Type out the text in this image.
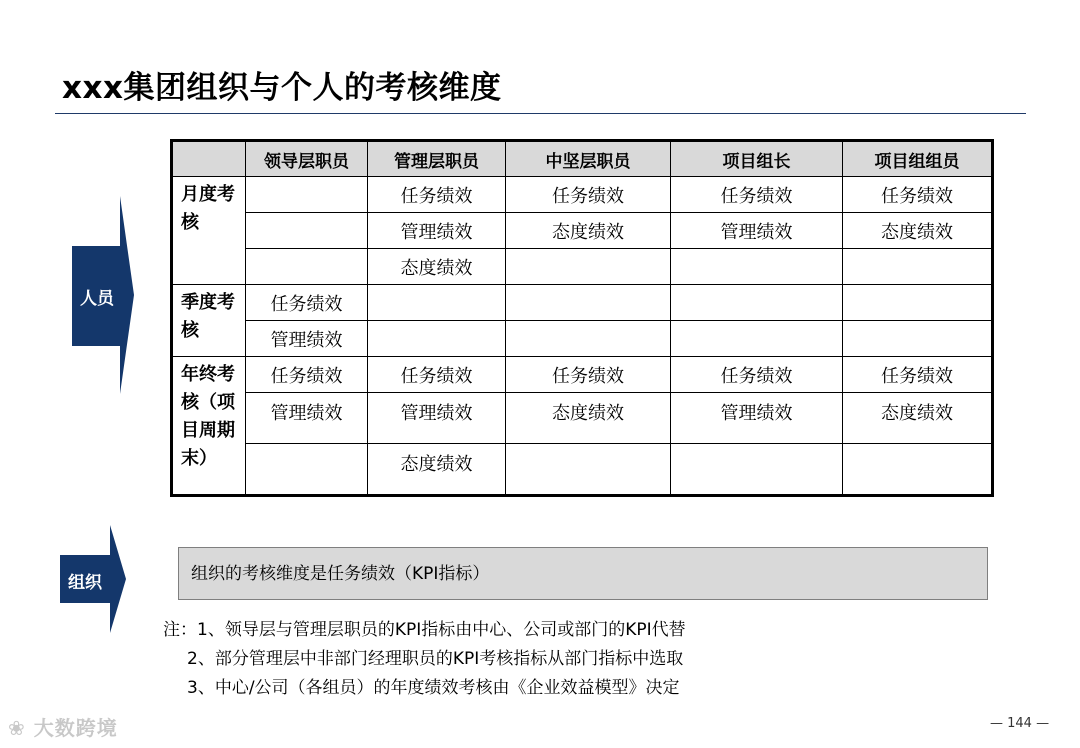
xxx集团组织与个人的考核维度
人员
组织
	领导层职员	管理层职员	中坚层职员	项目组长	项目组组员
月度考核		任务绩效	任务绩效	任务绩效	任务绩效
		管理绩效	态度绩效	管理绩效	态度绩效
		态度绩效			
季度考核	任务绩效				
	管理绩效				
年终考核（项目周期末）	任务绩效	任务绩效	任务绩效	任务绩效	任务绩效
	管理绩效	管理绩效	态度绩效	管理绩效	态度绩效
		态度绩效			
组织的考核维度是任务绩效（KPI指标）
注：1、领导层与管理层职员的KPI指标由中心、公司或部门的KPI代替
2、部分管理层中非部门经理职员的KPI考核指标从部门指标中选取
3、中心/公司（各组员）的年度绩效考核由《企业效益模型》决定
❀ 大数跨境	— 144 —
